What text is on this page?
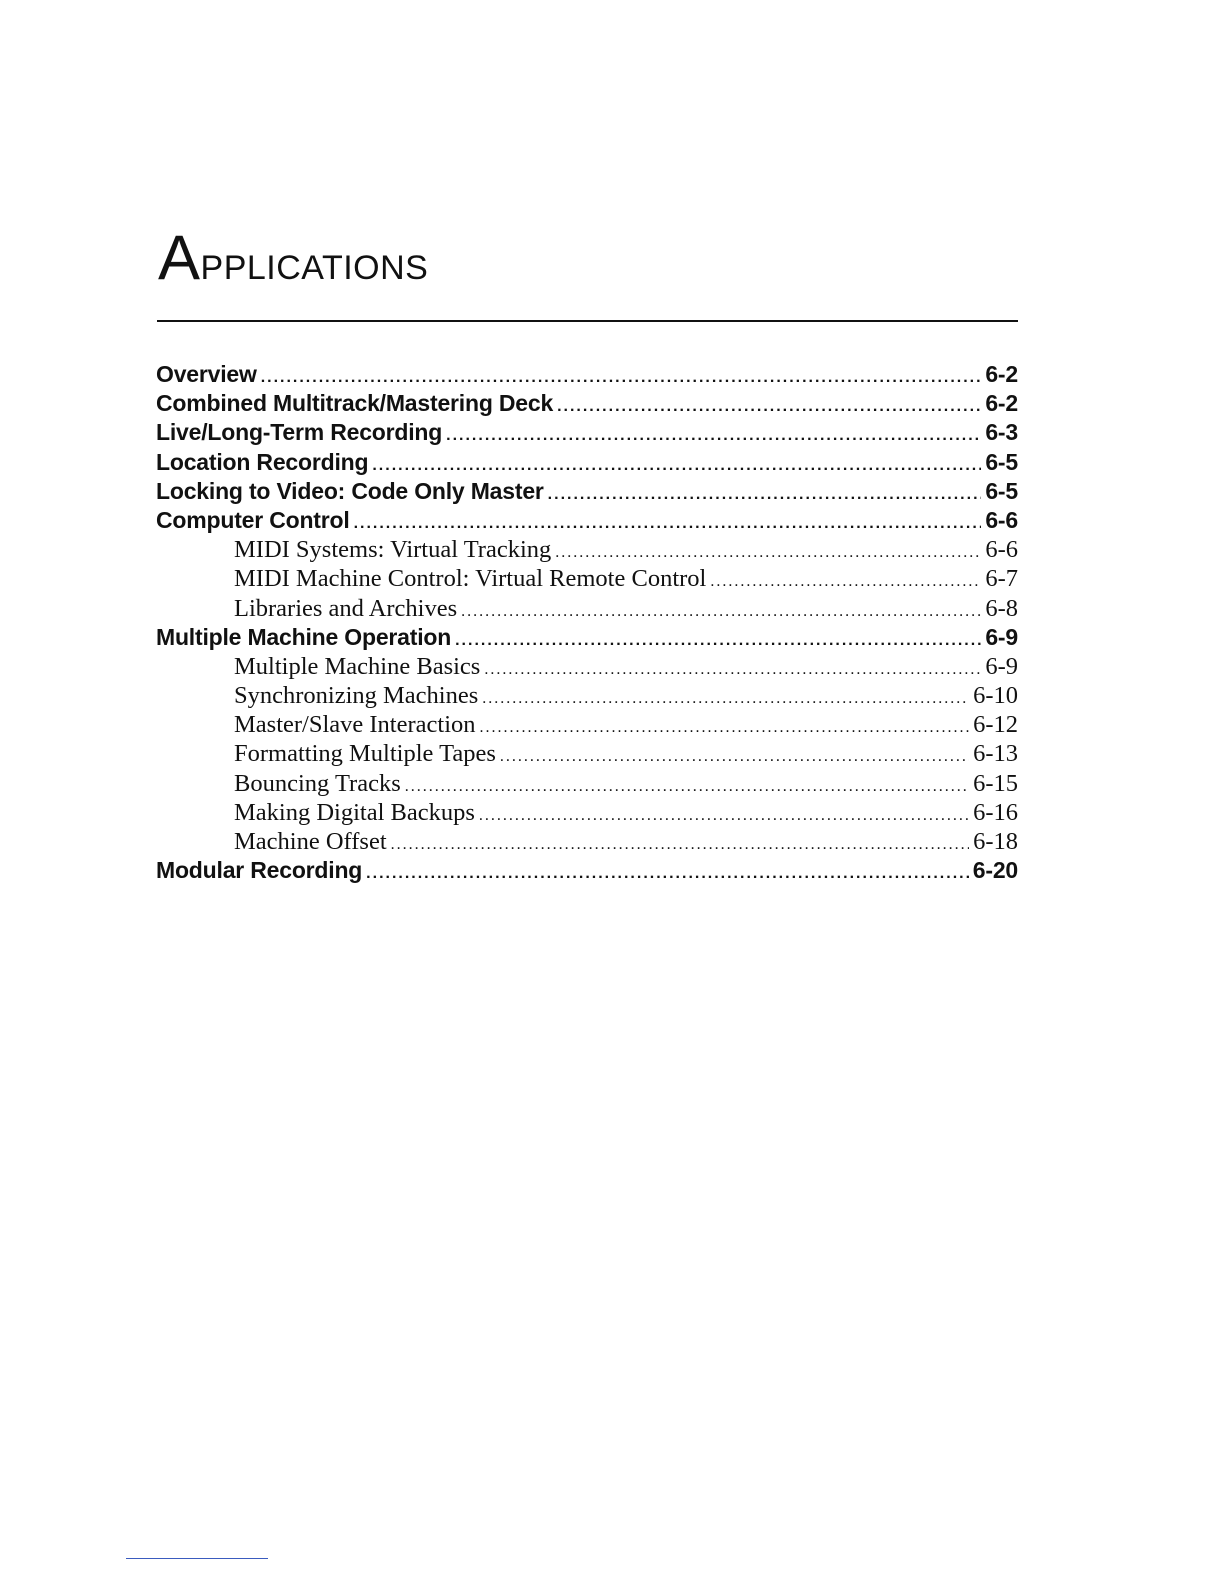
Applications
Overview .....	6-2
Combined Multitrack/Mastering Deck .....	6-2
Live/Long-Term Recording .....	6-3
Location Recording .....	6-5
Locking to Video: Code Only Master .....	6-5
Computer Control .....	6-6
MIDI Systems: Virtual Tracking .....	6-6
MIDI Machine Control: Virtual Remote Control .....	6-7
Libraries and Archives .....	6-8
Multiple Machine Operation .....	6-9
Multiple Machine Basics .....	6-9
Synchronizing Machines .....	6-10
Master/Slave Interaction .....	6-12
Formatting Multiple Tapes .....	6-13
Bouncing Tracks .....	6-15
Making Digital Backups .....	6-16
Machine Offset .....	6-18
Modular Recording .....	6-20
